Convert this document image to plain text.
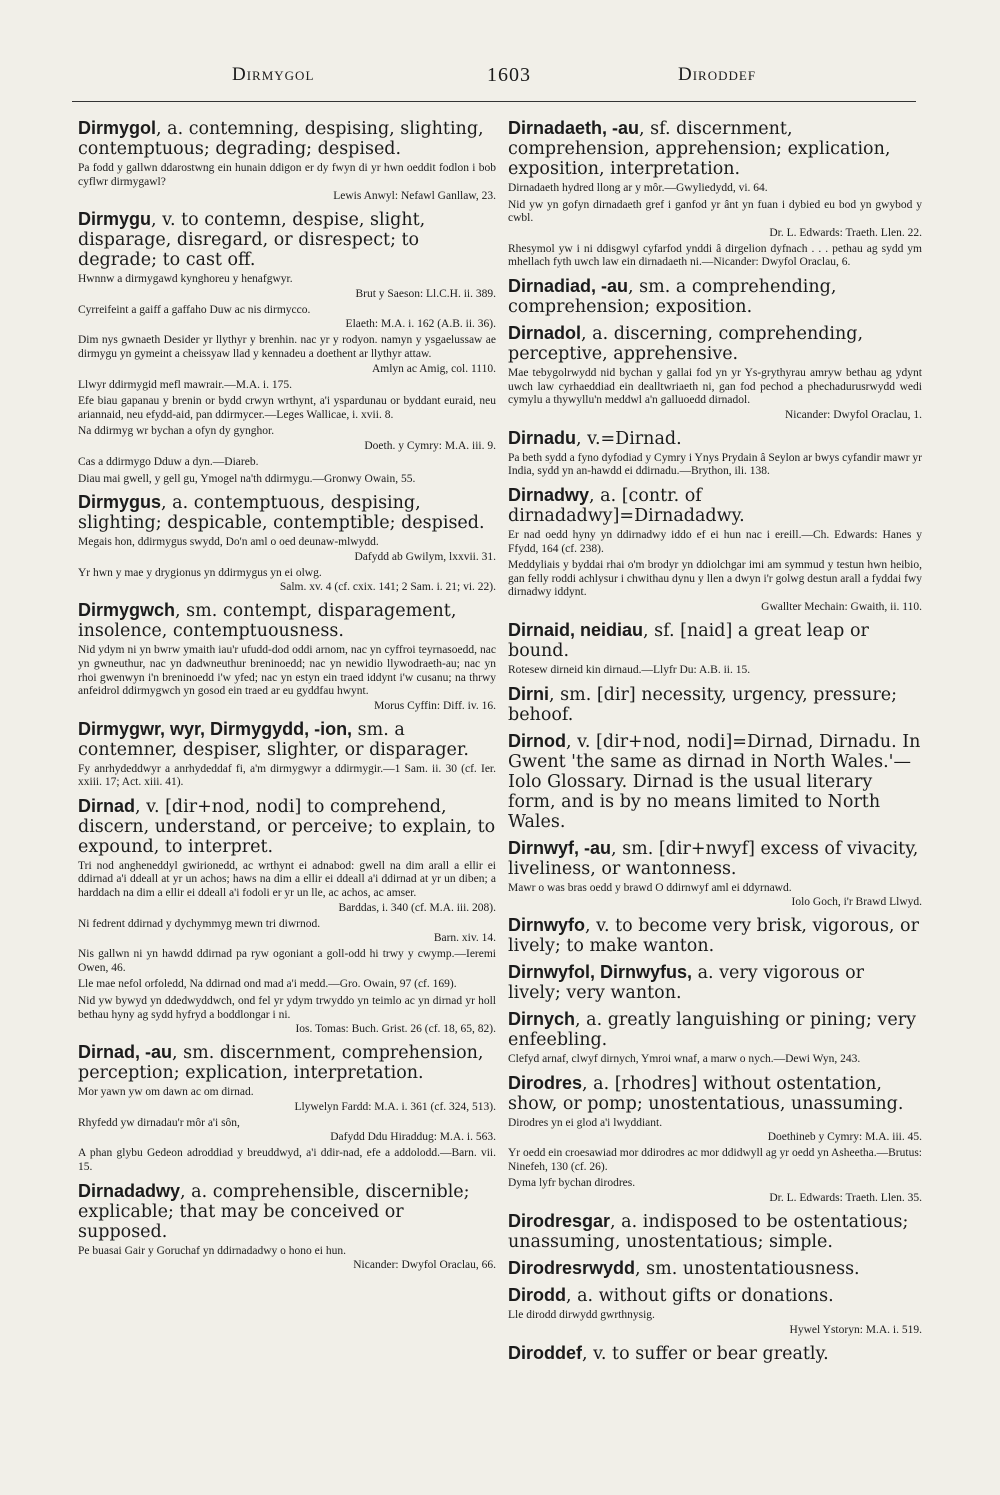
Dirmygol	1603	Diroddef
Dirmygol, a. contemning, despising, slighting, contemptuous; degrading; despised.
Pa fodd y gallwn ddarostwng ein hunain ddigon er dy fwyn di yr hwn oeddit fodlon i bob cyflwr dirmygawl?
Lewis Anwyl: Nefawl Ganllaw, 23.
Dirmygu, v. to contemn, despise, slight, disparage, disregard, or disrespect; to degrade; to cast off.
Hwnnw a dirmygawd kynghoreu y henafgwyr.
Brut y Saeson: Ll.C.H. ii. 389.
Cyrreifeint a gaiff a gaffaho Duw ac nis dirmycco.
Elaeth: M.A. i. 162 (A.B. ii. 36).
Dim nys gwnaeth Desider yr llythyr y brenhin. nac yr y rodyon. namyn y ysgaelussaw ae dirmygu yn gymeint a cheissyaw llad y kennadeu a doethent ar llythyr attaw.
Amlyn ac Amig, col. 1110.
Llwyr ddirmygid mefl mawrair.—M.A. i. 175.
Efe biau gapanau y brenin or bydd crwyn wrthynt, a'i yspardunau or byddant euraid, neu ariannaid, neu efydd-aid, pan ddirmycer.—Leges Wallicae, i. xvii. 8.
Na ddirmyg wr bychan a ofyn dy gynghor.
Doeth. y Cymry: M.A. iii. 9.
Cas a ddirmygo Dduw a dyn.—Diareb.
Diau mai gwell, y gell gu, Ymogel na'th ddirmygu.—Gronwy Owain, 55.
Dirmygus, a. contemptuous, despising, slighting; despicable, contemptible; despised.
Megais hon, ddirmygus swydd, Do'n aml o oed deunaw-mlwydd.
Dafydd ab Gwilym, lxxvii. 31.
Yr hwn y mae y drygionus yn ddirmygus yn ei olwg.
Salm. xv. 4 (cf. cxix. 141; 2 Sam. i. 21; vi. 22).
Dirmygwch, sm. contempt, disparagement, insolence, contemptuousness.
Nid ydym ni yn bwrw ymaith iau'r ufudd-dod oddi arnom, nac yn cyffroi teyrnasoedd, nac yn gwneuthur, nac yn dadwneuthur breninoedd; nac yn newidio llywodraeth-au; nac yn rhoi gwenwyn i'n breninoedd i'w yfed; nac yn estyn ein traed iddynt i'w cusanu; na thrwy anfeidrol ddirmygwch yn gosod ein traed ar eu gyddfau hwynt.
Morus Cyffin: Diff. iv. 16.
Dirmygwr, wyr, Dirmygydd, -ion, sm. a contemner, despiser, slighter, or disparager.
Fy anrhydeddwyr a anrhydeddaf fi, a'm dirmygwyr a ddirmygir.—1 Sam. ii. 30 (cf. Ier. xxiii. 17; Act. xiii. 41).
Dirnad, v. [dir+nod, nodi] to comprehend, discern, understand, or perceive; to explain, to expound, to interpret.
Tri nod angheneddyl gwirionedd, ac wrthynt ei adnabod: gwell na dim arall a ellir ei ddirnad a'i ddeall at yr un achos; haws na dim a ellir ei ddeall a'i ddirnad at yr un diben; a harddach na dim a ellir ei ddeall a'i fodoli er yr un lle, ac achos, ac amser.
Barddas, i. 340 (cf. M.A. iii. 208).
Ni fedrent ddirnad y dychymmyg mewn tri diwrnod.
Barn. xiv. 14.
Nis gallwn ni yn hawdd ddirnad pa ryw ogoniant a goll-odd hi trwy y cwymp.—Ieremi Owen, 46.
Lle mae nefol orfoledd, Na ddirnad ond mad a'i medd.—Gro. Owain, 97 (cf. 169).
Nid yw bywyd yn ddedwyddwch, ond fel yr ydym trwyddo yn teimlo ac yn dirnad yr holl bethau hyny ag sydd hyfryd a boddlongar i ni.
Ios. Tomas: Buch. Grist. 26 (cf. 18, 65, 82).
Dirnad, -au, sm. discernment, comprehension, perception; explication, interpretation.
Mor yawn yw om dawn ac om dirnad.
Llywelyn Fardd: M.A. i. 361 (cf. 324, 513).
Rhyfedd yw dirnadau'r môr a'i sôn,
Dafydd Ddu Hiraddug: M.A. i. 563.
A phan glybu Gedeon adroddiad y breuddwyd, a'i ddir-nad, efe a addolodd.—Barn. vii. 15.
Dirnadadwy, a. comprehensible, discernible; explicable; that may be conceived or supposed.
Pe buasai Gair y Goruchaf yn ddirnadadwy o hono ei hun.
Nicander: Dwyfol Oraclau, 66.
Dirnadaeth, -au, sf. discernment, comprehension, apprehension; explication, exposition, interpretation.
Dirnadaeth hydred llong ar y môr.—Gwyliedydd, vi. 64.
Nid yw yn gofyn dirnadaeth gref i ganfod yr ânt yn fuan i dybied eu bod yn gwybod y cwbl.
Dr. L. Edwards: Traeth. Llen. 22.
Rhesymol yw i ni ddisgwyl cyfarfod ynddi â dirgelion dyfnach . . . pethau ag sydd ym mhellach fyth uwch law ein dirnadaeth ni.—Nicander: Dwyfol Oraclau, 6.
Dirnadiad, -au, sm. a comprehending, comprehension; exposition.
Dirnadol, a. discerning, comprehending, perceptive, apprehensive.
Mae tebygolrwydd nid bychan y gallai fod yn yr Ys-grythyrau amryw bethau ag ydynt uwch law cyrhaeddiad ein dealltwriaeth ni, gan fod pechod a phechadurusrwydd wedi cymylu a thywyllu'n meddwl a'n galluoedd dirnadol.
Nicander: Dwyfol Oraclau, 1.
Dirnadu, v.=Dirnad.
Pa beth sydd a fyno dyfodiad y Cymry i Ynys Prydain â Seylon ar bwys cyfandir mawr yr India, sydd yn an-hawdd ei ddirnadu.—Brython, ili. 138.
Dirnadwy, a. [contr. of dirnadadwy]=Dirnadadwy.
Er nad oedd hyny yn ddirnadwy iddo ef ei hun nac i ereill.—Ch. Edwards: Hanes y Ffydd, 164 (cf. 238).
Meddyliais y byddai rhai o'm brodyr yn ddiolchgar imi am symmud y testun hwn heibio, gan felly roddi achlysur i chwithau dynu y llen a dwyn i'r golwg destun arall a fyddai fwy dirnadwy iddynt.
Gwallter Mechain: Gwaith, ii. 110.
Dirnaid, neidiau, sf. [naid] a great leap or bound.
Rotesew dirneid kin dirnaud.—Llyfr Du: A.B. ii. 15.
Dirni, sm. [dir] necessity, urgency, pressure; behoof.
Dirnod, v. [dir+nod, nodi]=Dirnad, Dirnadu. In Gwent 'the same as dirnad in North Wales.'—Iolo Glossary. Dirnad is the usual literary form, and is by no means limited to North Wales.
Dirnwyf, -au, sm. [dir+nwyf] excess of vivacity, liveliness, or wantonness.
Mawr o was bras oedd y brawd O ddirnwyf aml ei ddyrnawd.
Iolo Goch, i'r Brawd Llwyd.
Dirnwyfo, v. to become very brisk, vigorous, or lively; to make wanton.
Dirnwyfol, Dirnwyfus, a. very vigorous or lively; very wanton.
Dirnych, a. greatly languishing or pining; very enfeebling.
Clefyd arnaf, clwyf dirnych, Ymroi wnaf, a marw o nych.—Dewi Wyn, 243.
Dirodres, a. [rhodres] without ostentation, show, or pomp; unostentatious, unassuming.
Dirodres yn ei glod a'i lwyddiant.
Doethineb y Cymry: M.A. iii. 45.
Yr oedd ein croesawiad mor ddirodres ac mor ddidwyll ag yr oedd yn Asheetha.—Brutus: Ninefeh, 130 (cf. 26).
Dyma lyfr bychan dirodres.
Dr. L. Edwards: Traeth. Llen. 35.
Dirodresgar, a. indisposed to be ostentatious; unassuming, unostentatious; simple.
Dirodresrwydd, sm. unostentatiousness.
Dirodd, a. without gifts or donations.
Lle dirodd dirwydd gwrthnysig.
Hywel Ystoryn: M.A. i. 519.
Diroddef, v. to suffer or bear greatly.
